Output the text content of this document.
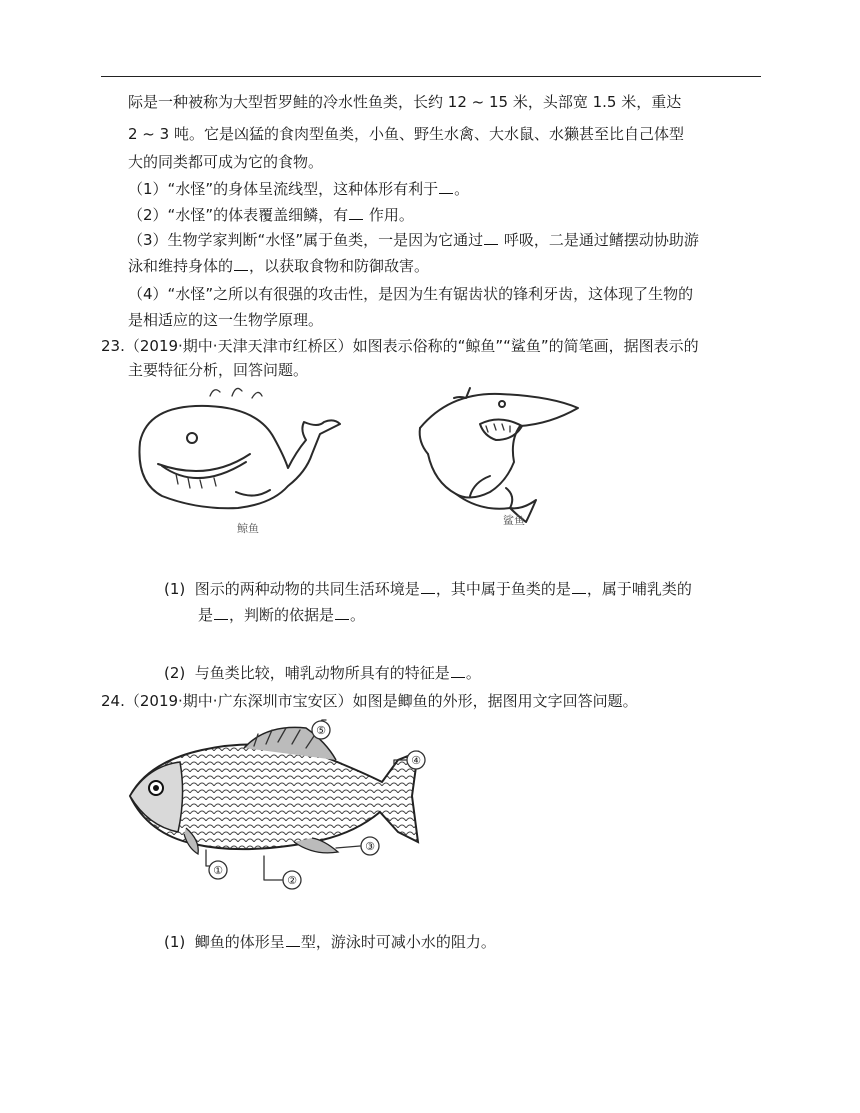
际是一种被称为大型哲罗鲑的冷水性鱼类，长约 12 ~ 15 米，头部宽 1.5 米，重达
2 ~ 3 吨。它是凶猛的食肉型鱼类，小鱼、野生水禽、大水鼠、水獭甚至比自己体型
大的同类都可成为它的食物。
（1）“水怪”的身体呈流线型，这种体形有利于 。
（2）“水怪”的体表覆盖细鳞，有 作用。
（3）生物学家判断“水怪”属于鱼类，一是因为它通过 呼吸，二是通过鳍摆动协助游
泳和维持身体的 ，以获取食物和防御敌害。
（4）“水怪”之所以有很强的攻击性，是因为生有锯齿状的锋利牙齿，这体现了生物的
是相适应的这一生物学原理。
23.（2019·期中·天津天津市红桥区）如图表示俗称的“鲸鱼”“鲨鱼”的简笔画，据图表示的
主要特征分析，回答问题。
鲸鱼
鲨鱼
(1) 图示的两种动物的共同生活环境是 ，其中属于鱼类的是 ，属于哺乳类的
是 ，判断的依据是 。
(2) 与鱼类比较，哺乳动物所具有的特征是 。
24.（2019·期中·广东深圳市宝安区）如图是鲫鱼的外形，据图用文字回答问题。
⑤
④
③
①
②
(1) 鲫鱼的体形呈 型，游泳时可减小水的阻力。
